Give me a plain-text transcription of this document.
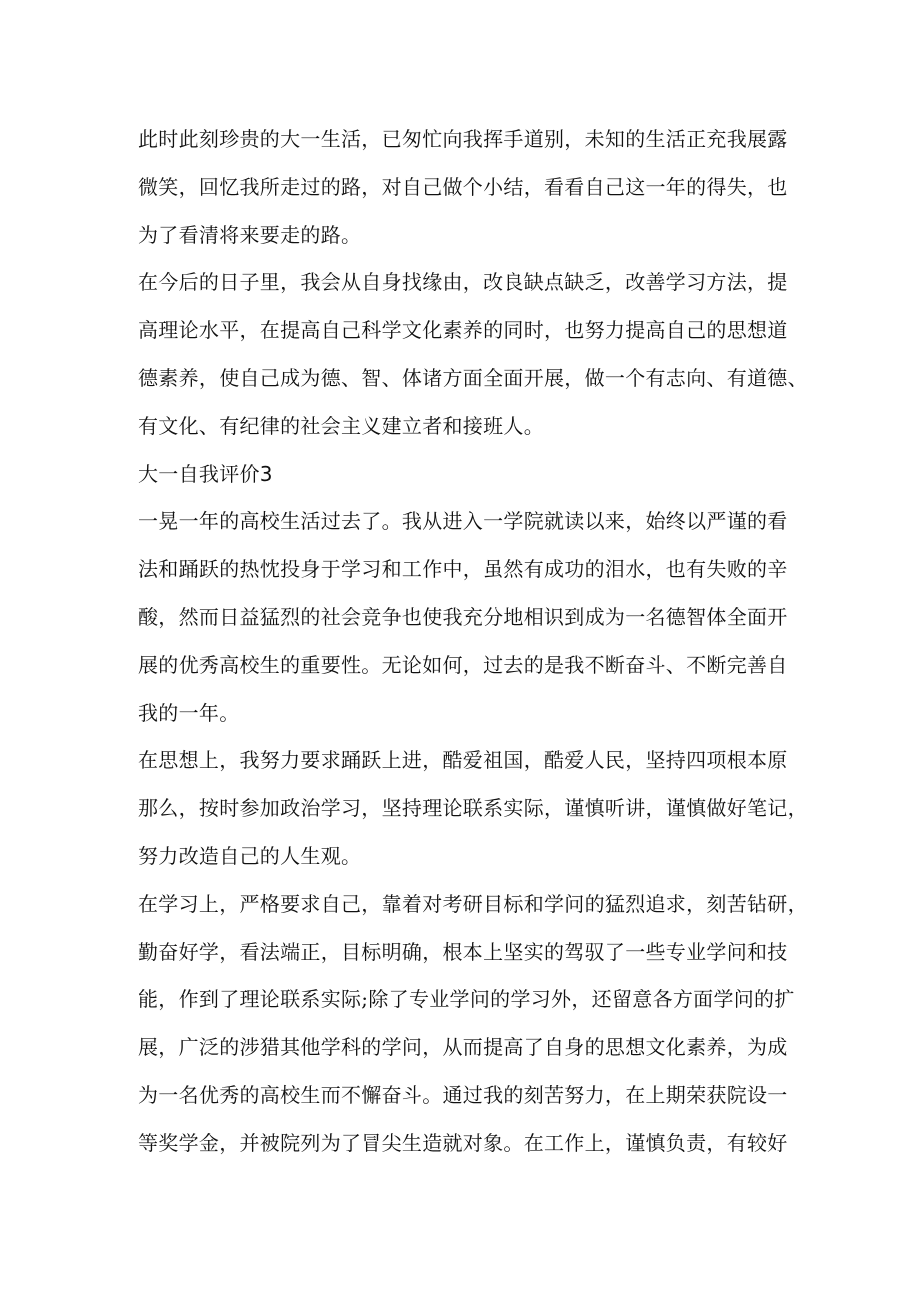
此时此刻珍贵的大一生活，已匆忙向我挥手道别，未知的生活正充我展露

微笑，回忆我所走过的路，对自己做个小结，看看自己这一年的得失，也

为了看清将来要走的路。

在今后的日子里，我会从自身找缘由，改良缺点缺乏，改善学习方法，提

高理论水平，在提高自己科学文化素养的同时，也努力提高自己的思想道

德素养，使自己成为德、智、体诸方面全面开展，做一个有志向、有道德、

有文化、有纪律的社会主义建立者和接班人。

大一自我评价3

一晃一年的高校生活过去了。我从进入一学院就读以来，始终以严谨的看

法和踊跃的热忱投身于学习和工作中，虽然有成功的泪水，也有失败的辛

酸，然而日益猛烈的社会竞争也使我充分地相识到成为一名德智体全面开

展的优秀高校生的重要性。无论如何，过去的是我不断奋斗、不断完善自

我的一年。

在思想上，我努力要求踊跃上进，酷爱祖国，酷爱人民，坚持四项根本原

那么，按时参加政治学习，坚持理论联系实际，谨慎听讲，谨慎做好笔记，

努力改造自己的人生观。

在学习上，严格要求自己，靠着对考研目标和学问的猛烈追求，刻苦钻研，

勤奋好学，看法端正，目标明确，根本上坚实的驾驭了一些专业学问和技

能，作到了理论联系实际;除了专业学问的学习外，还留意各方面学问的扩

展，广泛的涉猎其他学科的学问，从而提高了自身的思想文化素养，为成

为一名优秀的高校生而不懈奋斗。通过我的刻苦努力，在上期荣获院设一

等奖学金，并被院列为了冒尖生造就对象。在工作上，谨慎负责，有较好
